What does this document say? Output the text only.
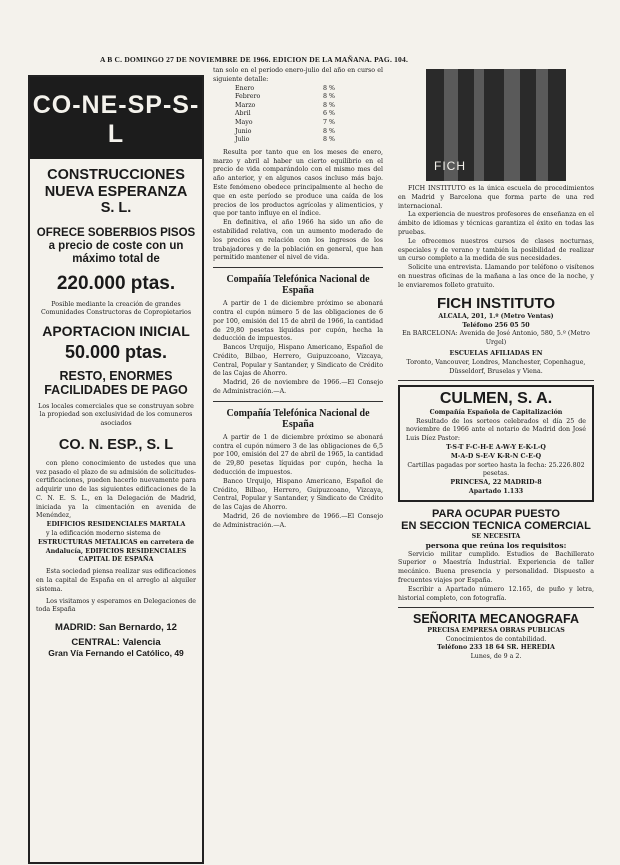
A B C. DOMINGO 27 DE NOVIEMBRE DE 1966. EDICION DE LA MAÑANA. PAG. 104.
CO-NE-SP-S-L
CONSTRUCCIONES
NUEVA ESPERANZA
S. L.
OFRECE SOBERBIOS PISOS
a precio de coste con un
máximo total de
220.000 ptas.
Posible mediante la creación de grandes Comunidades Constructoras de Copropietarios
APORTACION INICIAL
50.000 ptas.
RESTO, ENORMES
FACILIDADES DE PAGO
Los locales comerciales que se construyan sobre la propiedad son exclusividad de los comuneros asociados
CO. N. ESP., S. L
con pleno conocimiento de ustedes que una vez pasado el plazo de su admisión de solicitudes-certificaciones, pueden hacerlo nuevamente para adquirir uno de las siguientes edificaciones de la C. N. E. S. L., en la Delegación de Madrid, iniciada ya la cimentación en avenida de Menéndez,
EDIFICIOS RESIDENCIALES MARTALA
y la edificación moderno sistema de
ESTRUCTURAS METALICAS en carretera de Andalucía, EDIFICIOS RESIDENCIALES CAPITAL DE ESPAÑA
Esta sociedad piensa realizar sus edificaciones en la capital de España en el arreglo al alquiler sistema.
Los visitamos y esperamos en Delegaciones de toda España
MADRID: San Bernardo, 12
CENTRAL: Valencia
Gran Vía Fernando el Católico, 49
tan solo en el período enero-julio del año en curso el siguiente detalle:
Enero	8 %
Febrero	8 %
Marzo	8 %
Abril	6 %
Mayo	7 %
Junio	8 %
Julio	8 %
Resulta por tanto que en los meses de enero, marzo y abril al haber un cierto equilibrio en el precio de vida comparándolo con el mismo mes del año anterior, y en algunos casos incluso más bajo. Este fenómeno obedece principalmente al hecho de que en este período se produce una caída de los precios de los productos agrícolas y alimenticios, y que por tanto influye en el índice.
En definitiva, el año 1966 ha sido un año de estabilidad relativa, con un aumento moderado de los precios en relación con los ingresos de los trabajadores y de la población en general, que han permitido mantener el nivel de vida.
Compañía Telefónica Nacional de España
A partir de 1 de diciembre próximo se abonará contra el cupón número 5 de las obligaciones de 6 por 100, emisión del 15 de abril de 1966, la cantidad de 29,80 pesetas líquidas por cupón, hecha la deducción de impuestos.
Bancos Urquijo, Hispano Americano, Español de Crédito, Bilbao, Herrero, Guipuzcoano, Vizcaya, Central, Popular y Santander, y Sindicato de Crédito de las Cajas de Ahorro.
Madrid, 26 de noviembre de 1966.—El Consejo de Administración.—A.
Compañía Telefónica Nacional de España
A partir de 1 de diciembre próximo se abonará contra el cupón número 3 de las obligaciones de 6,5 por 100, emisión del 27 de abril de 1965, la cantidad de 29,80 pesetas líquidas por cupón, hecha la deducción de impuestos.
Banco Urquijo, Hispano Americano, Español de Crédito, Bilbao, Herrero, Guipuzcoano, Vizcaya, Central, Popular y Santander, y Sindicato de Crédito de las Cajas de Ahorro.
Madrid, 26 de noviembre de 1966.—El Consejo de Administración.—A.
FICH
FICH INSTITUTO es la única escuela de procedimientos en Madrid y Barcelona que forma parte de una red internacional.
La experiencia de nuestros profesores de enseñanza en el ámbito de idiomas y técnicas garantiza el éxito en todas las pruebas.
Le ofrecemos nuestros cursos de clases nocturnas, especiales y de verano y también la posibilidad de realizar un curso completo a la medida de sus necesidades.
Solicite una entrevista. Llamando por teléfono o visítenos en nuestras oficinas de la mañana a las once de la noche, y le enviaremos folleto gratuito.
FICH INSTITUTO
ALCALA, 201, 1.º (Metro Ventas)
Teléfono 256 05 50
En BARCELONA: Avenida de José Antonio, 580, 5.º (Metro Urgel)
ESCUELAS AFILIADAS EN
Toronto, Vancouver, Londres, Manchester, Copenhague, Düsseldorf, Bruselas y Viena.
CULMEN, S. A.
Compañía Española de Capitalización
Resultado de los sorteos celebrados el día 25 de noviembre de 1966 ante el notario de Madrid don José Luis Díez Pastor:
T-S-T F-C-H-E A-W-Y E-K-L-Q
M-A-D S-E-V K-R-N C-E-Q
Cartillas pagadas por sorteo hasta la fecha: 25.226.802 pesetas.
PRINCESA, 22 MADRID-8
Apartado 1.133
PARA OCUPAR PUESTO
EN SECCION TECNICA COMERCIAL
SE NECESITA
persona que reúna los requisitos:
Servicio militar cumplido. Estudios de Bachillerato Superior o Maestría Industrial. Experiencia de taller mecánico. Buena presencia y personalidad. Dispuesto a frecuentes viajes por España.
Escribir a Apartado número 12.165, de puño y letra, historial completo, con fotografía.
SEÑORITA MECANOGRAFA
PRECISA EMPRESA OBRAS PUBLICAS
Conocimientos de contabilidad.
Teléfono 233 18 64 SR. HEREDIA
Lunes, de 9 a 2.
